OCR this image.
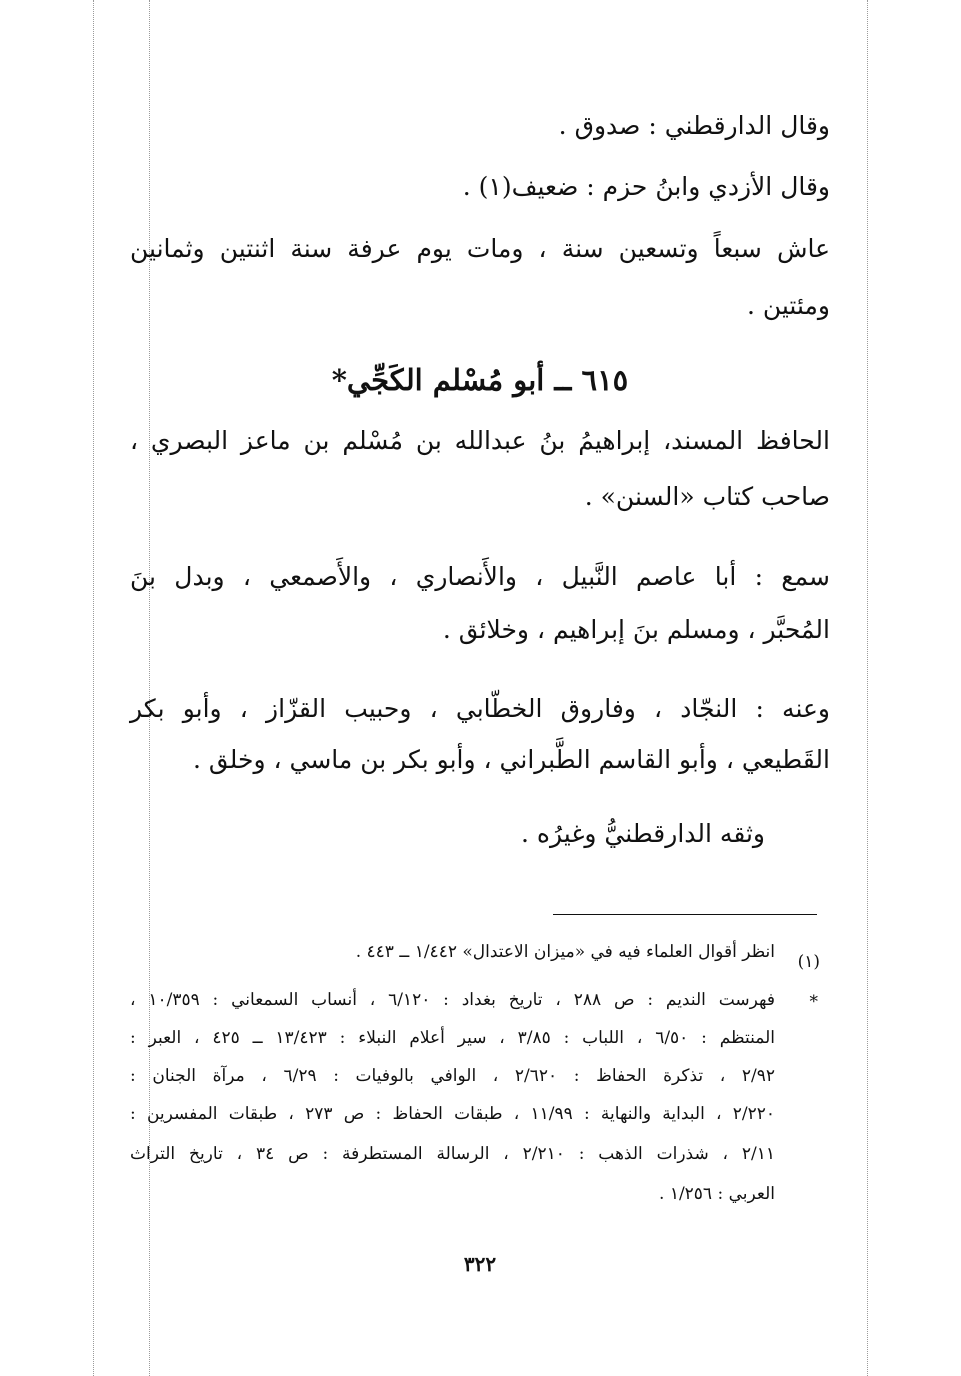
وقال الدارقطني : صدوق .
وقال الأزدي وابنُ حزم : ضعيف(١) .
عاش سبعاً وتسعين سنة ، ومات يوم عرفة سنة اثنتين وثمانين
ومئتين .
٦١٥ ــ أبو مُسْلم الكَجِّي*
الحافظ المسند، إبراهيمُ بنُ عبدالله بن مُسْلم بن ماعز البصري ،
صاحب كتاب «السنن» .
سمع : أبا عاصم النَّبيل ، والأَنصاري ، والأَصمعي ، وبدل بنَ
المُحبَّر ، ومسلم بنَ إبراهيم ، وخلائق .
وعنه : النجّاد ، وفاروق الخطّابي ، وحبيب القزّاز ، وأبو بكر
القَطيعي ، وأبو القاسم الطَّبراني ، وأبو بكر بن ماسي ، وخلق .
وثقه الدارقطنيُّ وغيرُه .
(١)
انظر أقوال العلماء فيه في «ميزان الاعتدال» ١/٤٤٢ ــ ٤٤٣ .
*
فهرست النديم : ص ٢٨٨ ، تاريخ بغداد : ٦/١٢٠ ، أنساب السمعاني : ١٠/٣٥٩ ،
المنتظم : ٦/٥٠ ، اللباب : ٣/٨٥ ، سير أعلام النبلاء : ١٣/٤٢٣ ــ ٤٢٥ ، العبر :
٢/٩٢ ، تذكرة الحفاظ : ٢/٦٢٠ ، الوافي بالوفيات : ٦/٢٩ ، مرآة الجنان :
٢/٢٢٠ ، البداية والنهاية : ١١/٩٩ ، طبقات الحفاظ : ص ٢٧٣ ، طبقات المفسرين :
٢/١١ ، شذرات الذهب : ٢/٢١٠ ، الرسالة المستطرفة : ص ٣٤ ، تاريخ التراث
العربي : ١/٢٥٦ .
٣٢٢
